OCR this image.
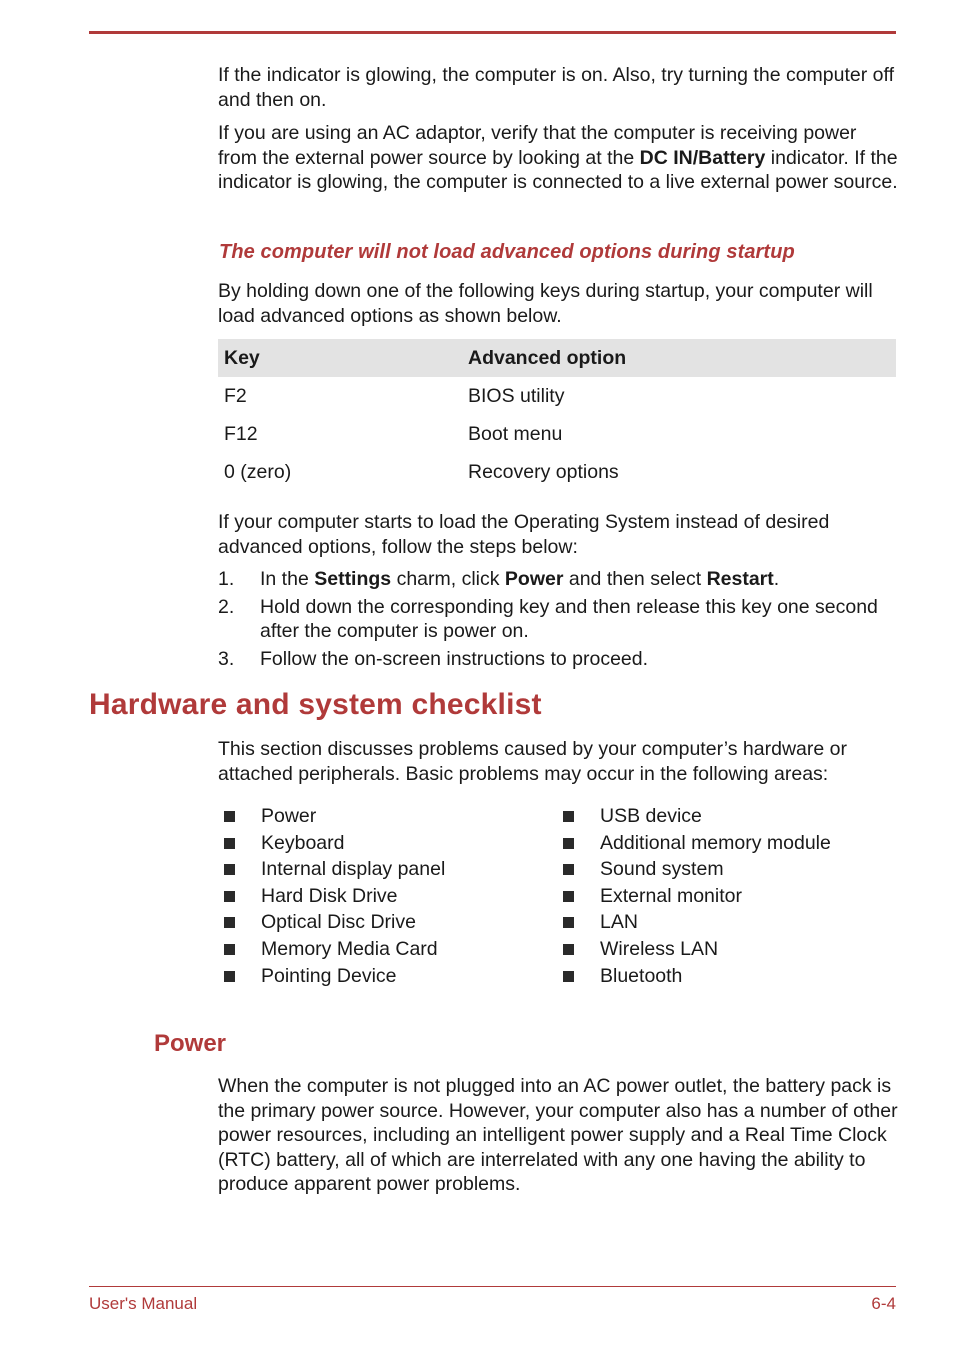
If the indicator is glowing, the computer is on. Also, try turning the computer off and then on.

If you are using an AC adaptor, verify that the computer is receiving power from the external power source by looking at the DC IN/Battery indicator. If the indicator is glowing, the computer is connected to a live external power source.

The computer will not load advanced options during startup

By holding down one of the following keys during startup, your computer will load advanced options as shown below.

Key	Advanced option
F2	BIOS utility
F12	Boot menu
0 (zero)	Recovery options

If your computer starts to load the Operating System instead of desired advanced options, follow the steps below:

1. In the Settings charm, click Power and then select Restart.
2. Hold down the corresponding key and then release this key one second after the computer is power on.
3. Follow the on-screen instructions to proceed.
Hardware and system checklist

This section discusses problems caused by your computer’s hardware or attached peripherals. Basic problems may occur in the following areas:

Power
Keyboard
Internal display panel
Hard Disk Drive
Optical Disc Drive
Memory Media Card
Pointing Device
USB device
Additional memory module
Sound system
External monitor
LAN
Wireless LAN
Bluetooth
Power

When the computer is not plugged into an AC power outlet, the battery pack is the primary power source. However, your computer also has a number of other power resources, including an intelligent power supply and a Real Time Clock (RTC) battery, all of which are interrelated with any one having the ability to produce apparent power problems.

User's Manual	6-4
